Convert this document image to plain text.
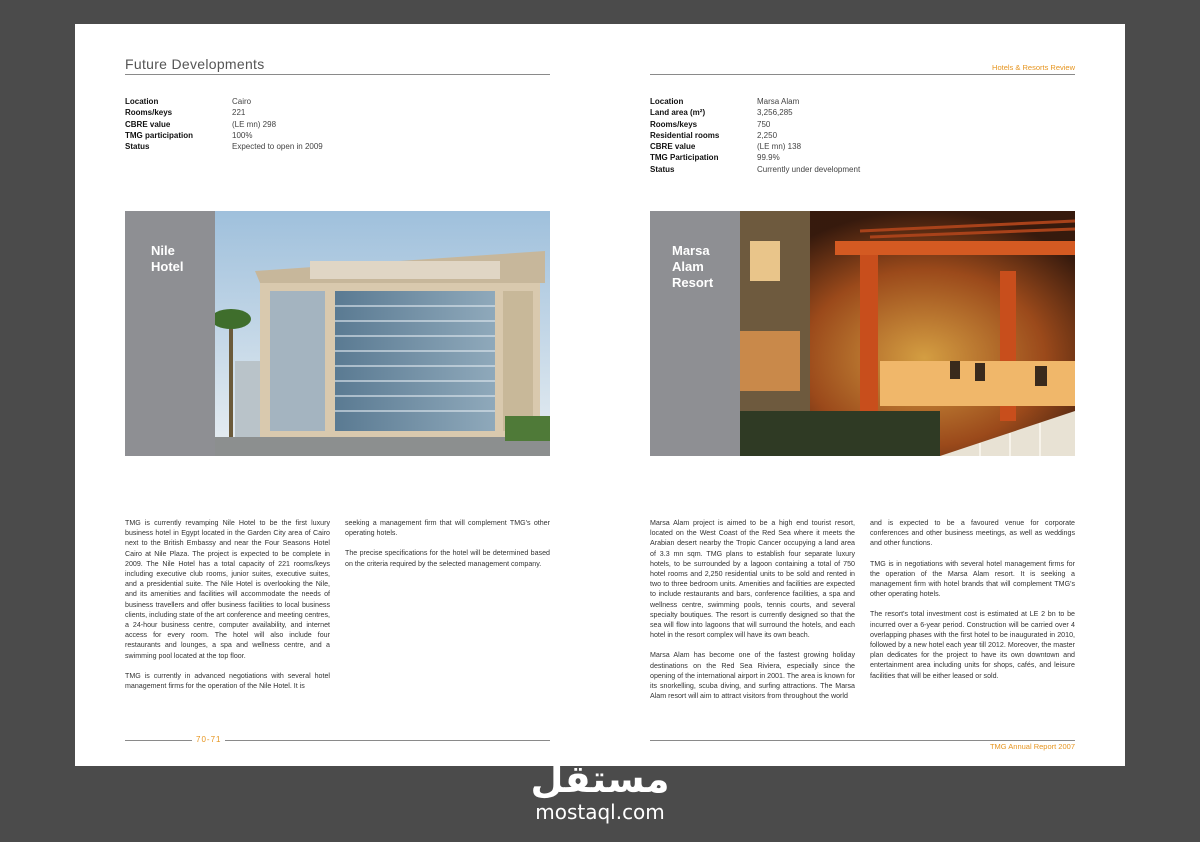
Future Developments
Location	Cairo
Rooms/keys	221
CBRE value	(LE mn) 298
TMG participation	100%
Status	Expected to open in 2009
Nile Hotel

TMG is currently revamping Nile Hotel to be the first luxury business hotel in Egypt located in the Garden City area of Cairo next to the British Embassy and near the Four Seasons Hotel Cairo at Nile Plaza. The project is expected to be complete in 2009. The Nile Hotel has a total capacity of 221 rooms/keys including executive club rooms, junior suites, executive suites, and a presidential suite. The Nile Hotel is overlooking the Nile, and its amenities and facilities will accommodate the needs of business travellers and offer business facilities to local business clients, including state of the art conference and meeting centres, a 24-hour business centre, computer availability, and internet access for every room. The hotel will also include four restaurants and lounges, a spa and wellness centre, and a swimming pool located at the top floor.

TMG is currently in advanced negotiations with several hotel management firms for the operation of the Nile Hotel. It is

seeking a management firm that will complement TMG's other operating hotels.

The precise specifications for the hotel will be determined based on the criteria required by the selected management company.

70-71
Hotels & Resorts Review
Location	Marsa Alam
Land area (m²)	3,256,285
Rooms/keys	750
Residential rooms	2,250
CBRE value	(LE mn) 138
TMG Participation	99.9%
Status	Currently under development
Marsa Alam Resort

Marsa Alam project is aimed to be a high end tourist resort, located on the West Coast of the Red Sea where it meets the Arabian desert nearby the Tropic Cancer occupying a land area of 3.3 mn sqm. TMG plans to establish four separate luxury hotels, to be surrounded by a lagoon containing a total of 750 hotel rooms and 2,250 residential units to be sold and rented in two to three bedroom units. Amenities and facilities are expected to include restaurants and bars, conference facilities, a spa and wellness centre, swimming pools, tennis courts, and several specialty boutiques. The resort is currently designed so that the sea will flow into lagoons that will surround the hotels, and each hotel in the resort complex will have its own beach.

Marsa Alam has become one of the fastest growing holiday destinations on the Red Sea Riviera, especially since the opening of the international airport in 2001. The area is known for its snorkelling, scuba diving, and surfing attractions. The Marsa Alam resort will aim to attract visitors from throughout the world

and is expected to be a favoured venue for corporate conferences and other business meetings, as well as weddings and other functions.

TMG is in negotiations with several hotel management firms for the operation of the Marsa Alam resort. It is seeking a management firm with hotel brands that will complement TMG's other operating hotels.

The resort's total investment cost is estimated at LE 2 bn to be incurred over a 6-year period. Construction will be carried over 4 overlapping phases with the first hotel to be inaugurated in 2010, followed by a new hotel each year till 2012. Moreover, the master plan dedicates for the project to have its own downtown and entertainment area including units for shops, cafés, and leisure facilities that will be either leased or sold.

TMG Annual Report 2007
مستقل
mostaql.com
